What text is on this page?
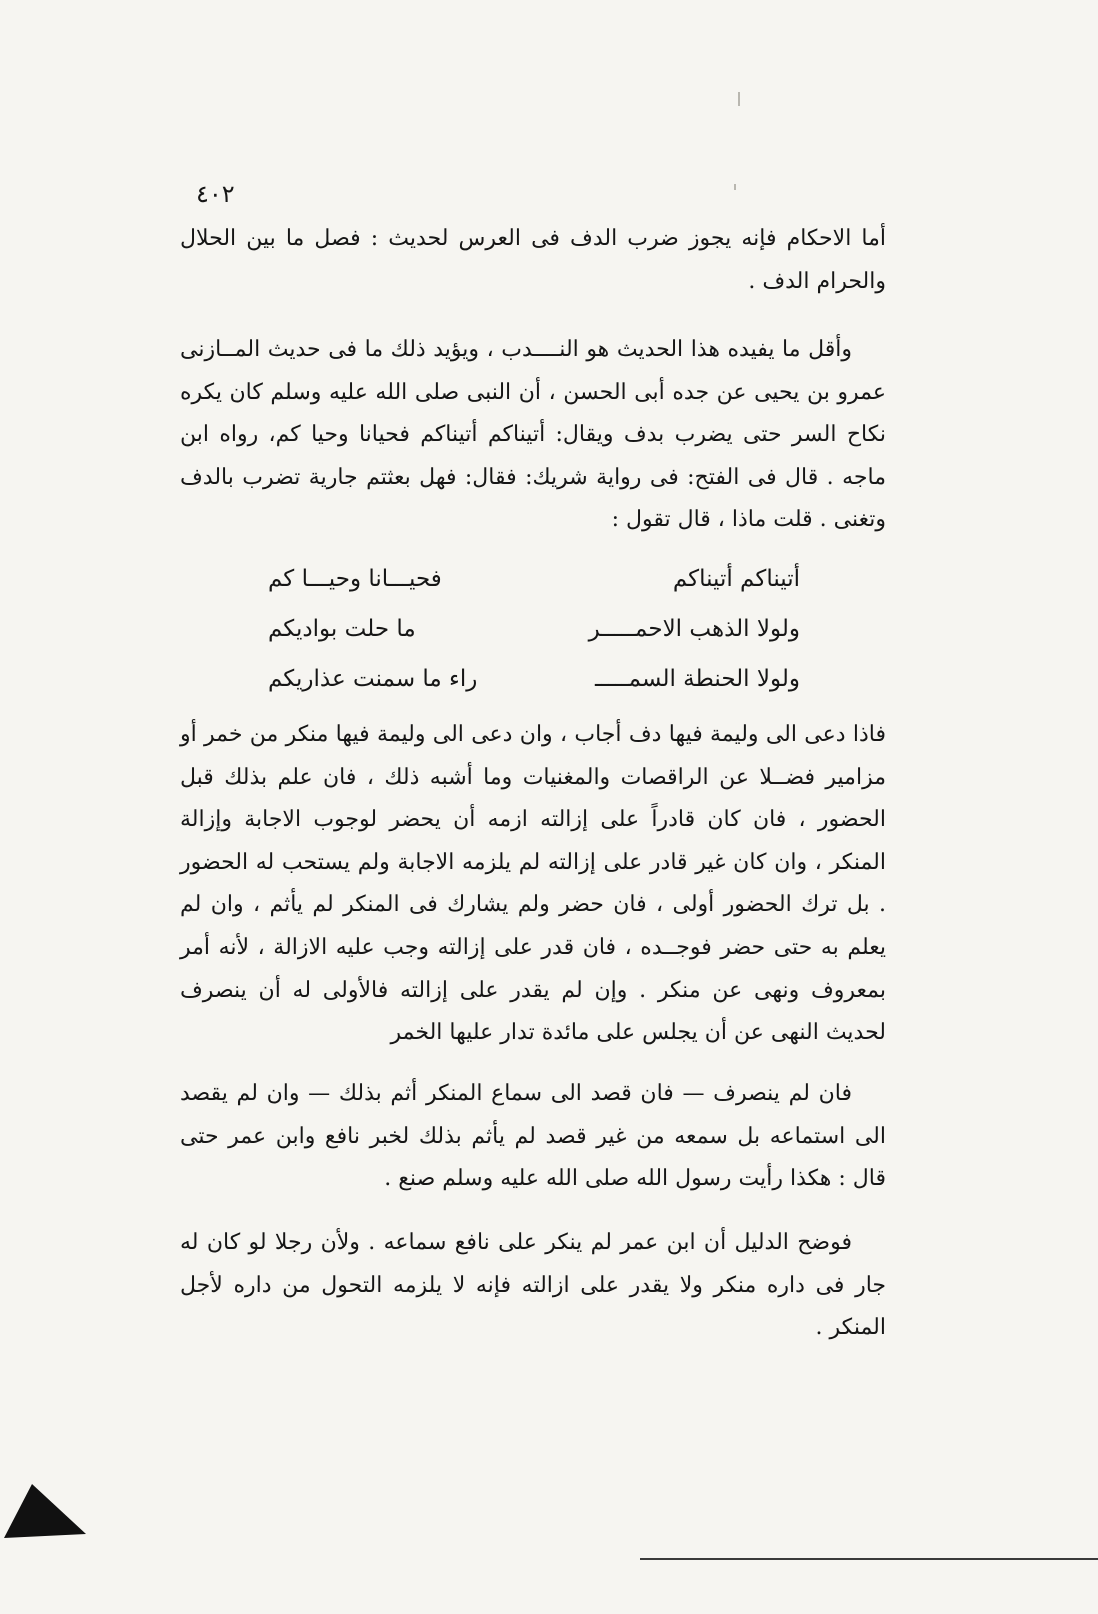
٤٠٢

أما الاحكام فإنه يجوز ضرب الدف فى العرس لحديث : فصل ما بين الحلال والحرام الدف .

وأقل ما يفيده هذا الحديث هو النــــدب ، ويؤيد ذلك ما فى حديث المــازنى عمرو بن يحيى عن جده أبى الحسن ، أن النبى صلى الله عليه وسلم كان يكره نكاح السر حتى يضرب بدف ويقال: أتيناكم أتيناكم فحيانا وحيا كم، رواه ابن ماجه . قال فى الفتح: فى رواية شريك: فقال: فهل بعثتم جارية تضرب بالدف وتغنى . قلت ماذا ، قال تقول :

أتيناكم أتيناكم
فحيـــانا وحيـــا كم
ولولا الذهب الاحمـــــر
ما حلت بواديكم
ولولا الحنطة السمـــــ
راء ما سمنت عذاريكم

فاذا دعى الى وليمة فيها دف أجاب ، وان دعى الى وليمة فيها منكر من خمر أو مزامير فضــلا عن الراقصات والمغنيات وما أشبه ذلك ، فان علم بذلك قبل الحضور ، فان كان قادراً على إزالته ازمه أن يحضر لوجوب الاجابة وإزالة المنكر ، وان كان غير قادر على إزالته لم يلزمه الاجابة ولم يستحب له الحضور . بل ترك الحضور أولى ، فان حضر ولم يشارك فى المنكر لم يأثم ، وان لم يعلم به حتى حضر فوجــده ، فان قدر على إزالته وجب عليه الازالة ، لأنه أمر بمعروف ونهى عن منكر . وإن لم يقدر على إزالته فالأولى له أن ينصرف لحديث النهى عن أن يجلس على مائدة تدار عليها الخمر

فان لم ينصرف — فان قصد الى سماع المنكر أثم بذلك — وان لم يقصد الى استماعه بل سمعه من غير قصد لم يأثم بذلك لخبر نافع وابن عمر حتى قال : هكذا رأيت رسول الله صلى الله عليه وسلم صنع .

فوضح الدليل أن ابن عمر لم ينكر على نافع سماعه . ولأن رجلا لو كان له جار فى داره منكر ولا يقدر على ازالته فإنه لا يلزمه التحول من داره لأجل المنكر .
